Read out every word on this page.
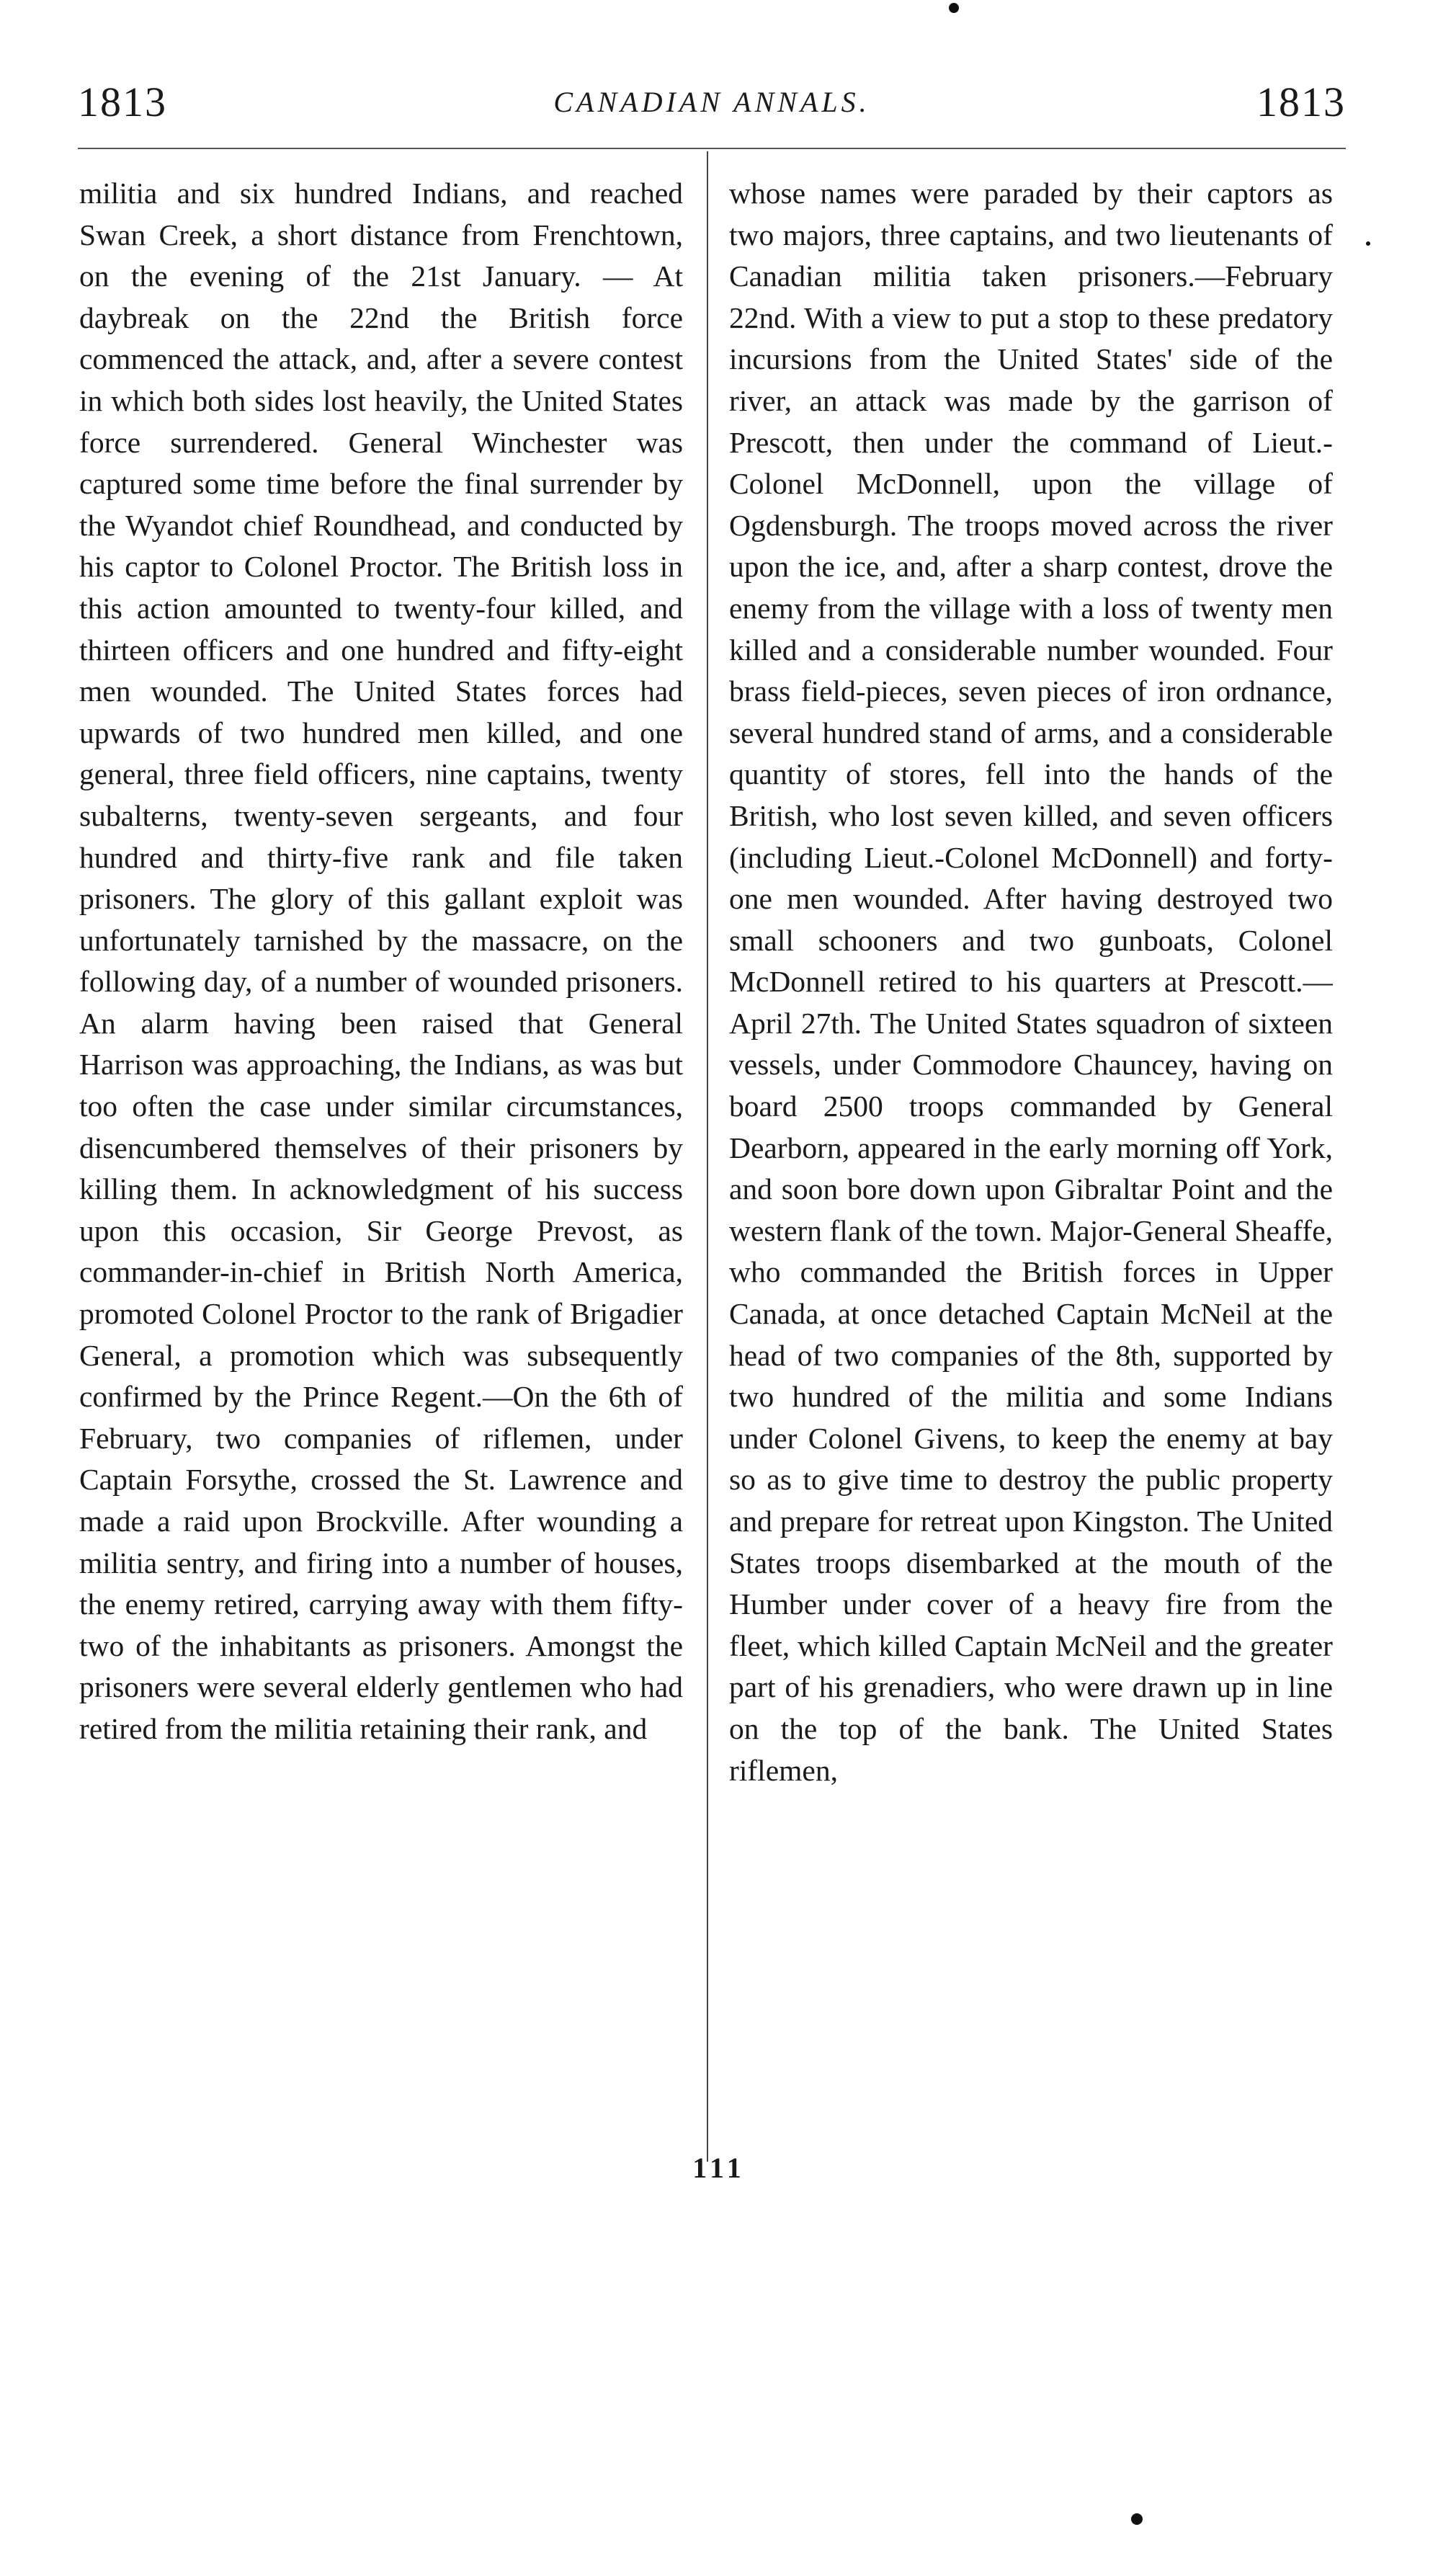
1813	CANADIAN ANNALS.	1813
militia and six hundred Indians, and reached Swan Creek, a short distance from Frenchtown, on the evening of the 21st January. — At daybreak on the 22nd the British force commenced the attack, and, after a severe contest in which both sides lost heavily, the United States force surrendered. General Winchester was captured some time before the final surrender by the Wyandot chief Roundhead, and conducted by his captor to Colonel Proctor. The British loss in this action amounted to twenty-four killed, and thirteen officers and one hundred and fifty-eight men wounded. The United States forces had upwards of two hundred men killed, and one general, three field officers, nine captains, twenty subalterns, twenty-seven sergeants, and four hundred and thirty-five rank and file taken prisoners. The glory of this gallant exploit was unfortunately tarnished by the massacre, on the following day, of a number of wounded prisoners. An alarm having been raised that General Harrison was approaching, the Indians, as was but too often the case under similar circumstances, disencumbered themselves of their prisoners by killing them. In acknowledgment of his success upon this occasion, Sir George Prevost, as commander-in-chief in British North America, promoted Colonel Proctor to the rank of Brigadier General, a promotion which was subsequently confirmed by the Prince Regent.—On the 6th of February, two companies of riflemen, under Captain Forsythe, crossed the St. Lawrence and made a raid upon Brockville. After wounding a militia sentry, and firing into a number of houses, the enemy retired, carrying away with them fifty-two of the inhabitants as prisoners. Amongst the prisoners were several elderly gentlemen who had retired from the militia retaining their rank, and
whose names were paraded by their captors as two majors, three captains, and two lieutenants of Canadian militia taken prisoners.—February 22nd. With a view to put a stop to these predatory incursions from the United States' side of the river, an attack was made by the garrison of Prescott, then under the command of Lieut.-Colonel McDonnell, upon the village of Ogdensburgh. The troops moved across the river upon the ice, and, after a sharp contest, drove the enemy from the village with a loss of twenty men killed and a considerable number wounded. Four brass field-pieces, seven pieces of iron ordnance, several hundred stand of arms, and a considerable quantity of stores, fell into the hands of the British, who lost seven killed, and seven officers (including Lieut.-Colonel McDonnell) and forty-one men wounded. After having destroyed two small schooners and two gunboats, Colonel McDonnell retired to his quarters at Prescott.—April 27th. The United States squadron of sixteen vessels, under Commodore Chauncey, having on board 2500 troops commanded by General Dearborn, appeared in the early morning off York, and soon bore down upon Gibraltar Point and the western flank of the town. Major-General Sheaffe, who commanded the British forces in Upper Canada, at once detached Captain McNeil at the head of two companies of the 8th, supported by two hundred of the militia and some Indians under Colonel Givens, to keep the enemy at bay so as to give time to destroy the public property and prepare for retreat upon Kingston. The United States troops disembarked at the mouth of the Humber under cover of a heavy fire from the fleet, which killed Captain McNeil and the greater part of his grenadiers, who were drawn up in line on the top of the bank. The United States riflemen,
111
